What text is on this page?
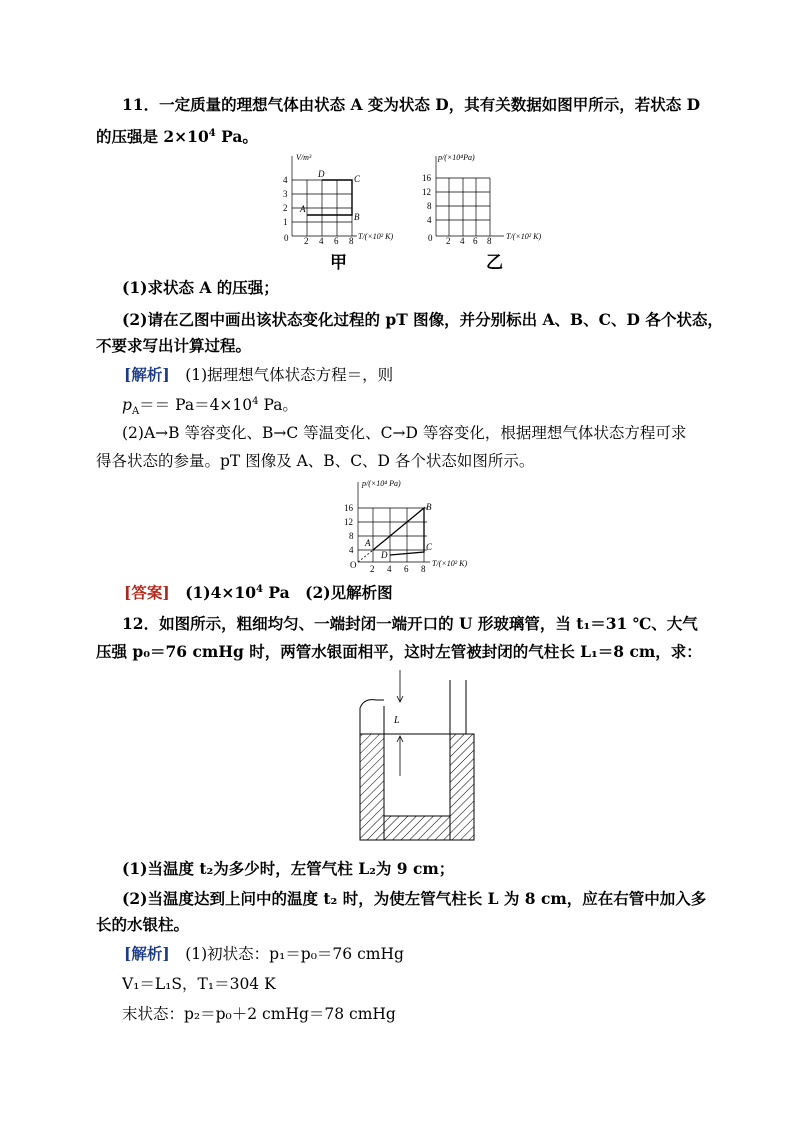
11．一定质量的理想气体由状态 A 变为状态 D，其有关数据如图甲所示，若状态 D
的压强是 $2\times 10^4$ Pa。
V/m³
T/(×10² K)
0 2 4 6 8
1
2
3
4
A
B
C
D
甲
p/(×10⁴Pa)
T/(×10² K)
0 2 4 6 8
4
8
12
16
乙
(1)求状态 A 的压强；
(2)请在乙图中画出该状态变化过程的 pT 图像，并分别标出 A、B、C、D 各个状态，
不要求写出计算过程。
[解析]　 (1)据理想气体状态方程＝，则
$p_A== Pa=4\times 10^4$ Pa。
(2)A→B 等容变化、B→C 等温变化、C→D 等容变化，根据理想气体状态方程可求
得各状态的参量。pT 图像及 A、B、C、D 各个状态如图所示。
p/(×10⁴ Pa)
T/(×10² K)
O 2 4 6 8
4
8
12
16
A
B
C
D
[答案]　 $(1)4\times 10^4$ Pa　(2)见解析图
12．如图所示，粗细均匀、一端封闭一端开口的 U 形玻璃管，当 t₁＝31 ℃、大气
压强 p₀＝76 cmHg 时，两管水银面相平，这时左管被封闭的气柱长 L₁＝8 cm，求：
L
(1)当温度 t₂为多少时，左管气柱 L₂为 9 cm；
(2)当温度达到上问中的温度 t₂ 时，为使左管气柱长 L 为 8 cm，应在右管中加入多
长的水银柱。
[解析]　 (1)初状态：p₁＝p₀＝76 cmHg
V₁＝L₁S，T₁＝304 K
末状态：p₂＝p₀＋2 cmHg＝78 cmHg
